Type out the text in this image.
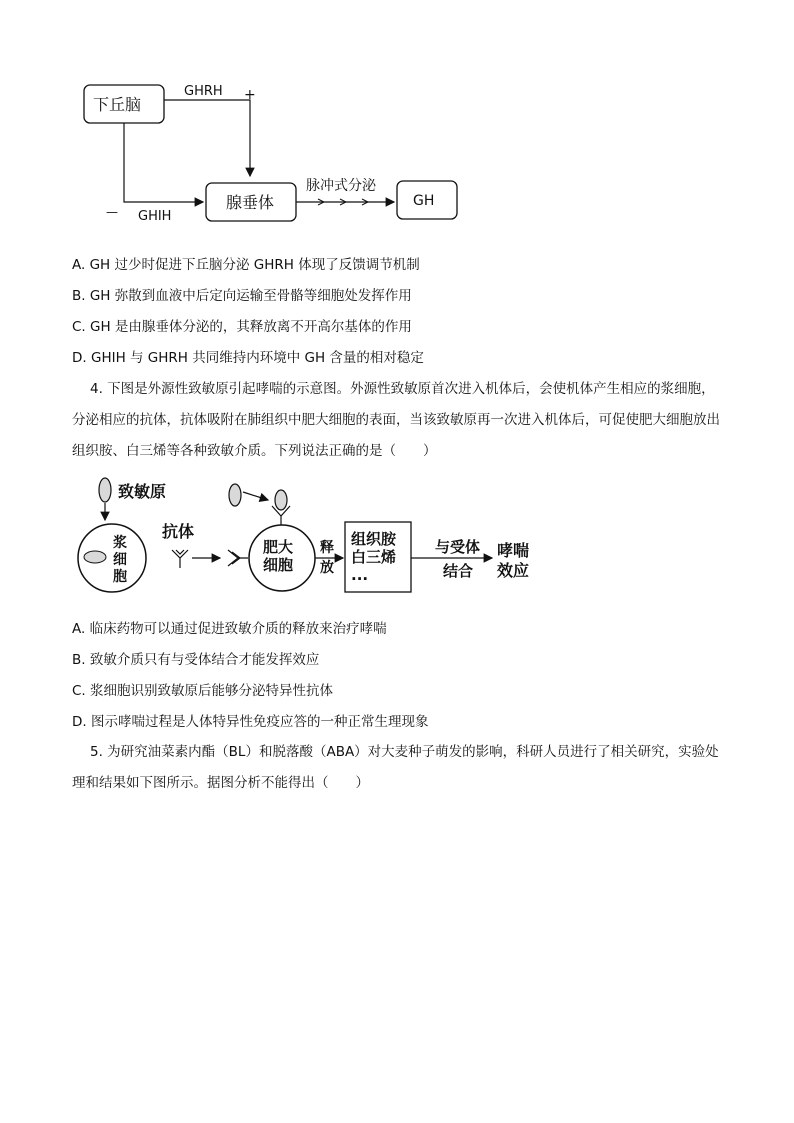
下丘脑
GHRH +
— GHIH
腺垂体
脉冲式分泌
GH
A. GH 过少时促进下丘脑分泌 GHRH 体现了反馈调节机制
B. GH 弥散到血液中后定向运输至骨骼等细胞处发挥作用
C. GH 是由腺垂体分泌的，其释放离不开高尔基体的作用
D. GHIH 与 GHRH 共同维持内环境中 GH 含量的相对稳定
4. 下图是外源性致敏原引起哮喘的示意图。外源性致敏原首次进入机体后，会使机体产生相应的浆细胞，分泌相应的抗体，抗体吸附在肺组织中肥大细胞的表面，当该致敏原再一次进入机体后，可促使肥大细胞放出组织胺、白三烯等各种致敏介质。下列说法正确的是（　　）
致敏原
浆
细
胞
抗体
肥大
细胞
释
放
组织胺
白三烯
...
与受体
结合
哮喘
效应
A. 临床药物可以通过促进致敏介质的释放来治疗哮喘
B. 致敏介质只有与受体结合才能发挥效应
C. 浆细胞识别致敏原后能够分泌特异性抗体
D. 图示哮喘过程是人体特异性免疫应答的一种正常生理现象
5. 为研究油菜素内酯（BL）和脱落酸（ABA）对大麦种子萌发的影响，科研人员进行了相关研究，实验处理和结果如下图所示。据图分析不能得出（　　）
